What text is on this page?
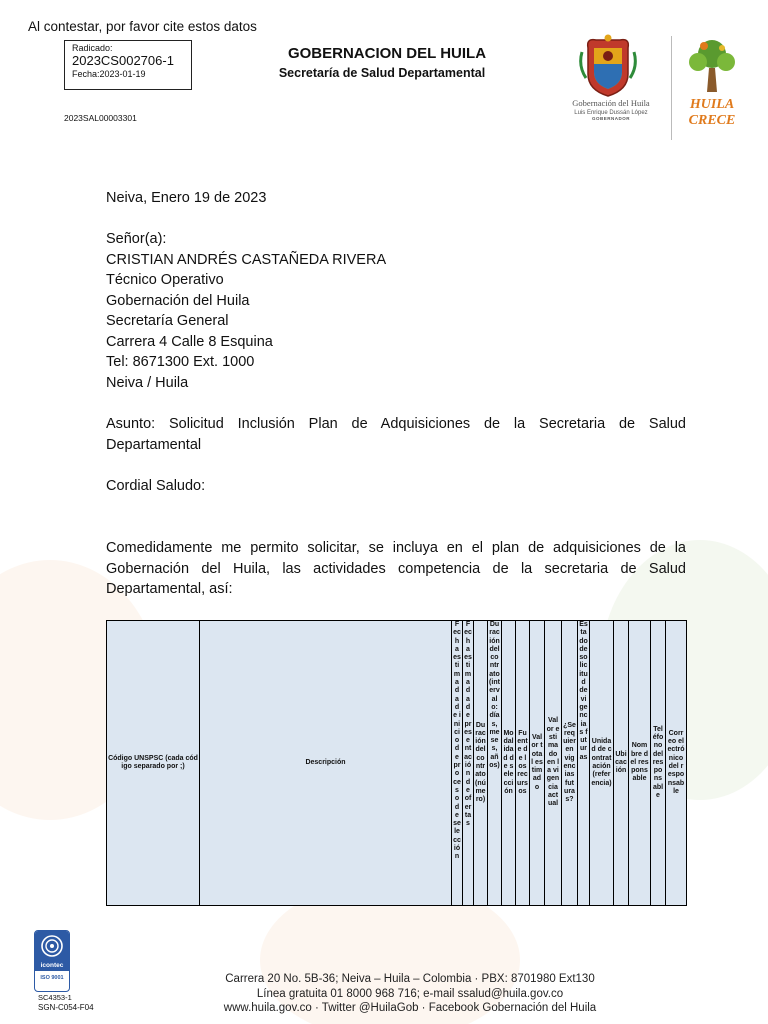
Al contestar, por favor cite estos datos
Radicado:
2023CS002706-1
Fecha:2023-01-19
2023SAL00003301
GOBERNACION DEL HUILA
Secretaría de Salud Departamental
Gobernación del Huila
Luis Enrique Dussán López
GOBERNADOR
HUILA
CRECE
Neiva, Enero 19 de 2023
Señor(a):
CRISTIAN ANDRÉS CASTAÑEDA RIVERA
Técnico Operativo
Gobernación del Huila
Secretaría General
Carrera 4 Calle 8 Esquina
Tel: 8671300 Ext. 1000
Neiva / Huila
Asunto: Solicitud Inclusión Plan de Adquisiciones de la Secretaria de Salud Departamental
Cordial Saludo:
Comedidamente me permito solicitar, se incluya en el plan de adquisiciones de la Gobernación del Huila, las actividades competencia de la secretaria de Salud Departamental, así:
Código UNSPSC (cada código separado por ;)	Descripción	Fecha estimada de inicio de proceso de selección	Fecha estimada de presentación de ofertas	Duración del contrato (número)	Duración del contrato (intervalo: días, meses, años)	Modalidad de selección	Fuente de los recursos	Valor total estimado	Valor estimado en la vigencia actual	¿Se requieren vigencias futuras?	Estado de solicitud de vigencias futuras	Unidad de contratación (referencia)	Ubicación	Nombre del responsable	Teléfono del responsable	Correo electrónico del responsable
icontec
ISO 9001
SC4353-1
SGN-C054-F04
Carrera 20 No. 5B-36; Neiva – Huila – Colombia · PBX: 8701980 Ext130
Línea gratuita 01 8000 968 716; e-mail ssalud@huila.gov.co
www.huila.gov.co · Twitter @HuilaGob · Facebook Gobernación del Huila
